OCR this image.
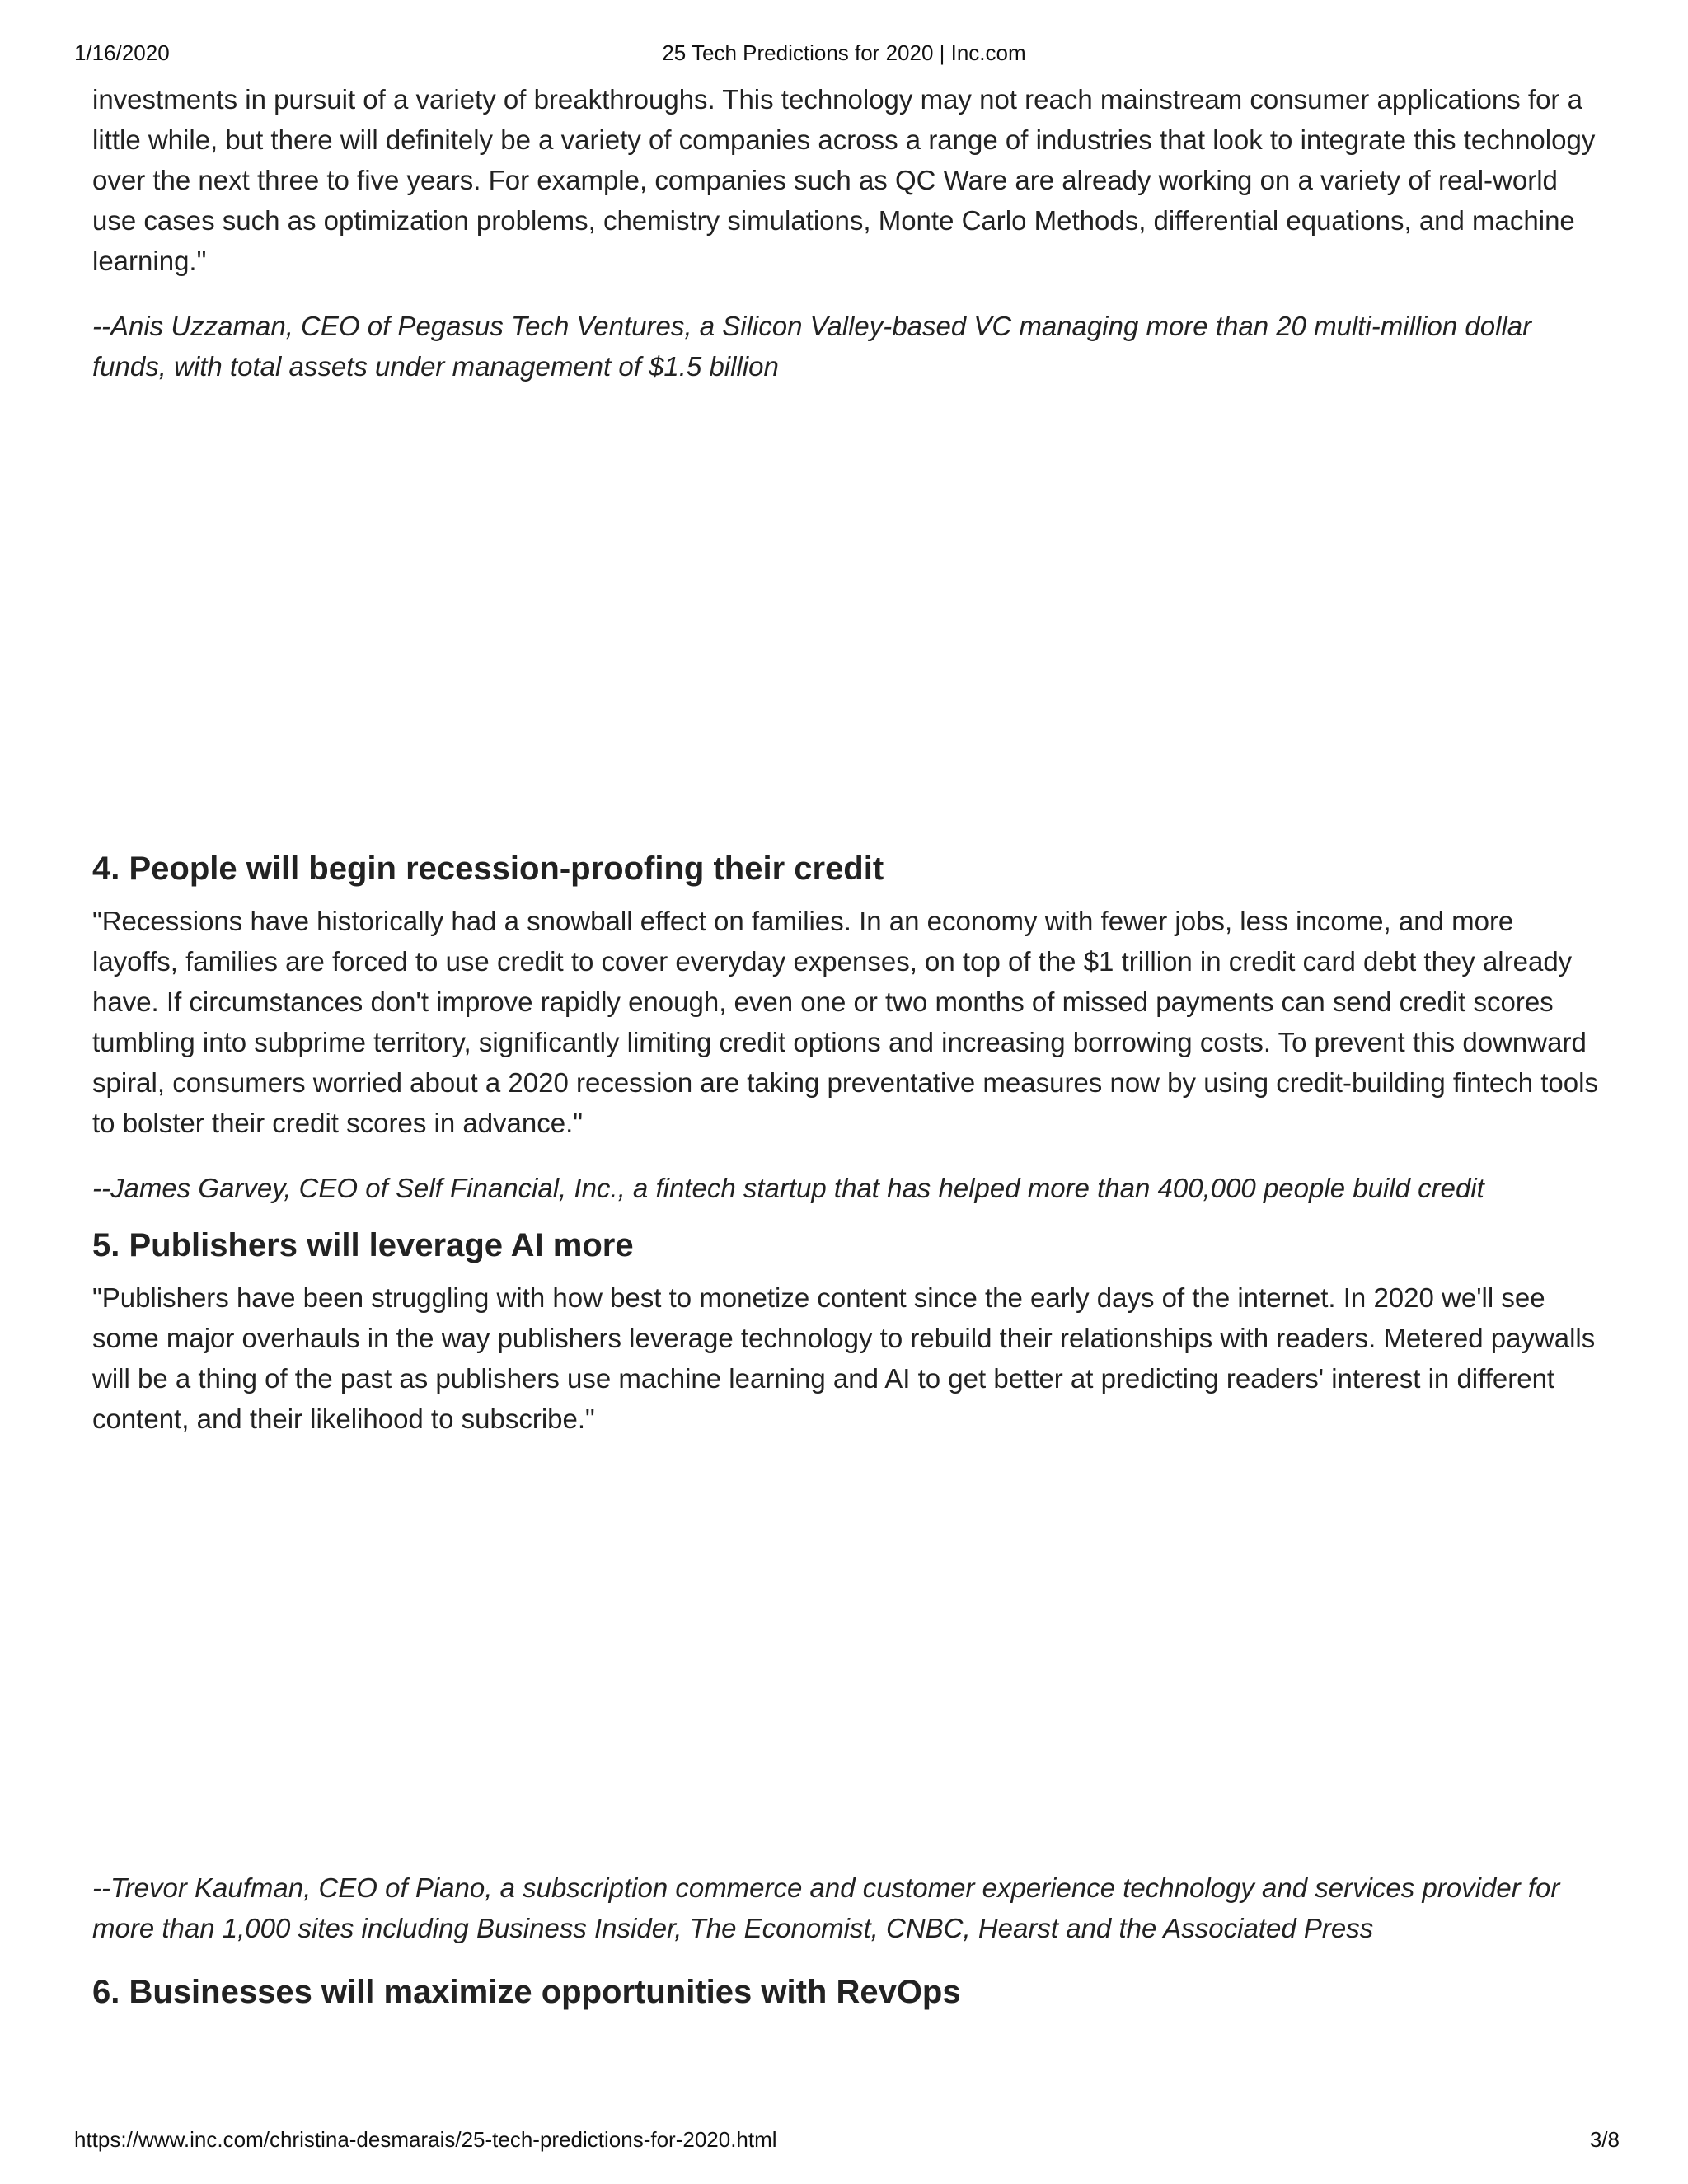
1/16/2020	25 Tech Predictions for 2020 | Inc.com

investments in pursuit of a variety of breakthroughs. This technology may not reach mainstream consumer applications for a little while, but there will definitely be a variety of companies across a range of industries that look to integrate this technology over the next three to five years. For example, companies such as QC Ware are already working on a variety of real-world use cases such as optimization problems, chemistry simulations, Monte Carlo Methods, differential equations, and machine learning."

--Anis Uzzaman, CEO of Pegasus Tech Ventures, a Silicon Valley-based VC managing more than 20 multi-million dollar funds, with total assets under management of $1.5 billion

4. People will begin recession-proofing their credit

"Recessions have historically had a snowball effect on families. In an economy with fewer jobs, less income, and more layoffs, families are forced to use credit to cover everyday expenses, on top of the $1 trillion in credit card debt they already have. If circumstances don't improve rapidly enough, even one or two months of missed payments can send credit scores tumbling into subprime territory, significantly limiting credit options and increasing borrowing costs. To prevent this downward spiral, consumers worried about a 2020 recession are taking preventative measures now by using credit-building fintech tools to bolster their credit scores in advance."

--James Garvey, CEO of Self Financial, Inc., a fintech startup that has helped more than 400,000 people build credit

5. Publishers will leverage AI more

"Publishers have been struggling with how best to monetize content since the early days of the internet. In 2020 we'll see some major overhauls in the way publishers leverage technology to rebuild their relationships with readers. Metered paywalls will be a thing of the past as publishers use machine learning and AI to get better at predicting readers' interest in different content, and their likelihood to subscribe."

--Trevor Kaufman, CEO of Piano, a subscription commerce and customer experience technology and services provider for more than 1,000 sites including Business Insider, The Economist, CNBC, Hearst and the Associated Press

6. Businesses will maximize opportunities with RevOps
https://www.inc.com/christina-desmarais/25-tech-predictions-for-2020.html	3/8
